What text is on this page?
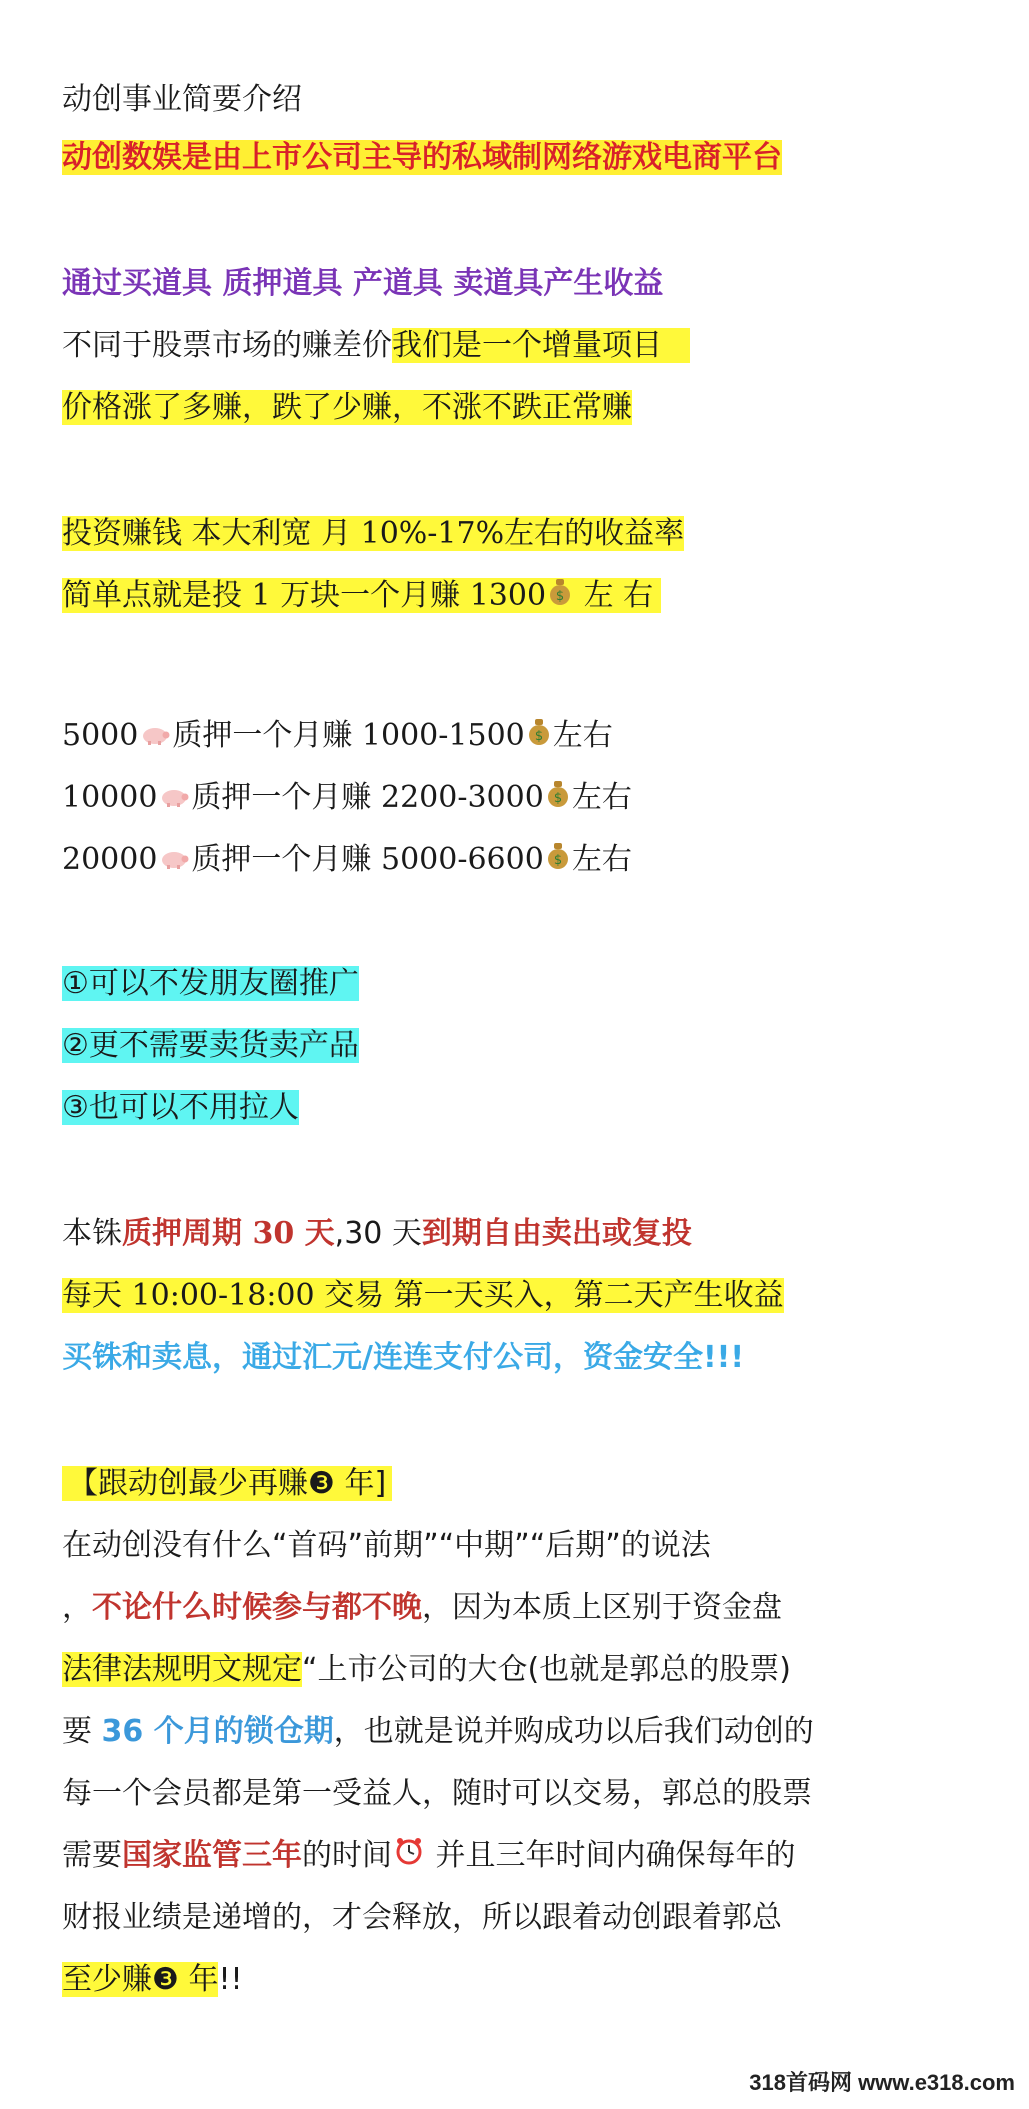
动创事业简要介绍
动创数娱是由上市公司主导的私域制网络游戏电商平台
通过买道具 质押道具 产道具 卖道具产生收益
不同于股票市场的赚差价我们是一个增量项目
价格涨了多赚，跌了少赚，不涨不跌正常赚
投资赚钱 本大利宽 月 10%-17%左右的收益率
简单点就是投 1 万块一个月赚 1300 $ 左 右
5000 质押一个月赚 1000-1500 $ 左右
10000 质押一个月赚 2200-3000 $ 左右
20000 质押一个月赚 5000-6600 $ 左右
①可以不发朋友圈推广
②更不需要卖货卖产品
③也可以不用拉人
本铢质押周期 30 天,30 天到期自由卖出或复投
每天 10:00-18:00 交易 第一天买入，第二天产生收益
买铢和卖息，通过汇元/连连支付公司，资金安全!!!
【跟动创最少再赚❸ 年]
在动创没有什么“首码”前期”“中期”“后期”的说法
，不论什么时候参与都不晚，因为本质上区别于资金盘
法律法规明文规定“上市公司的大仓(也就是郭总的股票)
要 36 个月的锁仓期，也就是说并购成功以后我们动创的
每一个会员都是第一受益人，随时可以交易，郭总的股票
需要国家监管三年的时间 并且三年时间内确保每年的
财报业绩是递增的，才会释放，所以跟着动创跟着郭总
至少赚❸ 年!!
318首码网 www.e318.com
